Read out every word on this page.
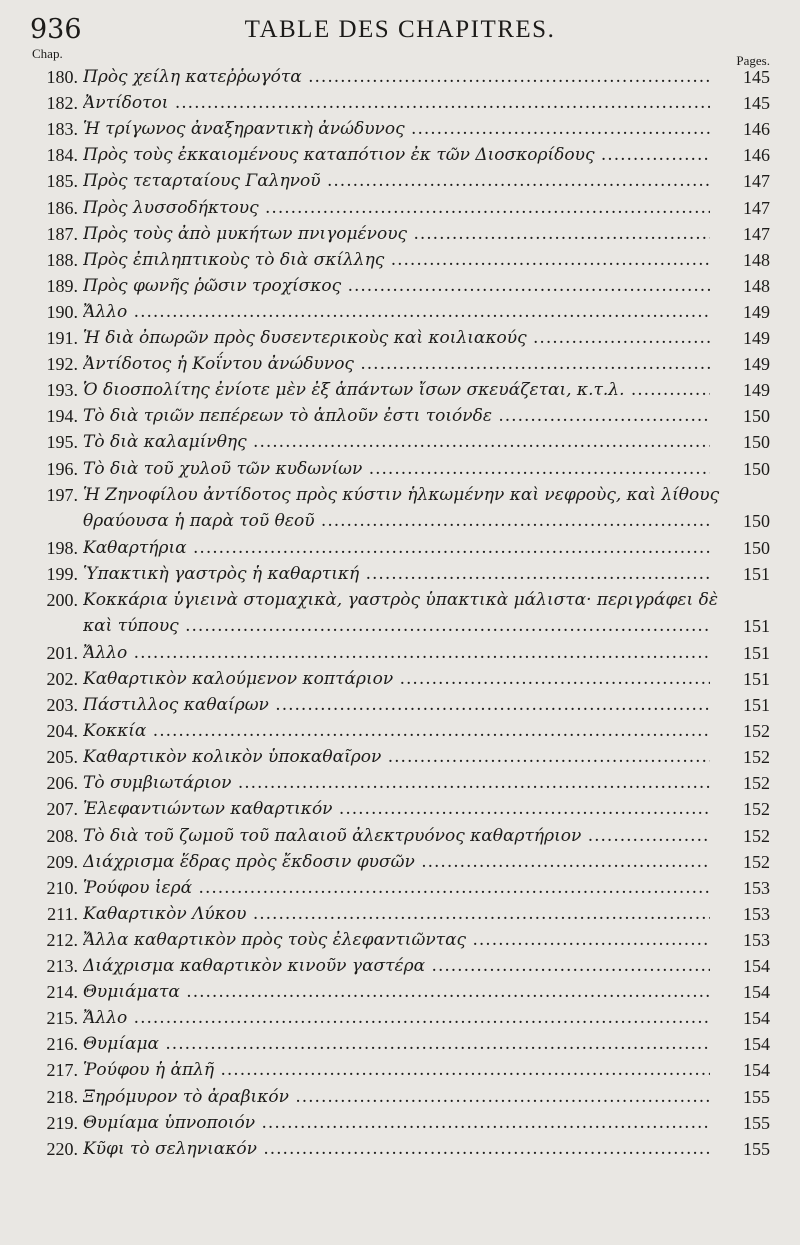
936	TABLE DES CHAPITRES.
Chap.	Pages.
180. Πρὸς χείλη κατεῤῥωγότα .....	145
182. Ἀντίδοτοι .....	145
183. Ἡ τρίγωνος ἀναξηραντικὴ ἀνώδυνος .....	146
184. Πρὸς τοὺς ἐκκαιομένους καταπότιον ἐκ τῶν Διοσκορίδους .....	146
185. Πρὸς τεταρταίους Γαληνοῦ .....	147
186. Πρὸς λυσσοδήκτους .....	147
187. Πρὸς τοὺς ἀπὸ μυκήτων πνιγομένους .....	147
188. Πρὸς ἐπιληπτικοὺς τὸ διὰ σκίλλης .....	148
189. Πρὸς φωνῆς ῥῶσιν τροχίσκος .....	148
190. Ἄλλο .....	149
191. Ἡ διὰ ὀπωρῶν πρὸς δυσεντερικοὺς καὶ κοιλιακούς .....	149
192. Ἀντίδοτος ἡ Κοΐντου ἀνώδυνος .....	149
193. Ὁ διοσπολίτης ἐνίοτε μὲν ἐξ ἁπάντων ἴσων σκευάζεται, κ.τ.λ. .....	149
194. Τὸ διὰ τριῶν πεπέρεων τὸ ἁπλοῦν ἐστι τοιόνδε .....	150
195. Τὸ διὰ καλαμίνθης .....	150
196. Τὸ διὰ τοῦ χυλοῦ τῶν κυδωνίων .....	150
197. Ἡ Ζηνοφίλου ἀντίδοτος πρὸς κύστιν ἡλκωμένην καὶ νεφροὺς, καὶ λίθους
θραύουσα ἡ παρὰ τοῦ θεοῦ .....	150
198. Καθαρτήρια .....	150
199. Ὑπακτικὴ γαστρὸς ἡ καθαρτική .....	151
200. Κοκκάρια ὑγιεινὰ στομαχικὰ, γαστρὸς ὑπακτικὰ μάλιστα· περιγράφει δὲ
καὶ τύπους .....	151
201. Ἄλλο .....	151
202. Καθαρτικὸν καλούμενον κοπτάριον .....	151
203. Πάστιλλος καθαίρων .....	151
204. Κοκκία .....	152
205. Καθαρτικὸν κολικὸν ὑποκαθαῖρον .....	152
206. Τὸ συμβιωτάριον .....	152
207. Ἐλεφαντιώντων καθαρτικόν .....	152
208. Τὸ διὰ τοῦ ζωμοῦ τοῦ παλαιοῦ ἀλεκτρυόνος καθαρτήριον .....	152
209. Διάχρισμα ἕδρας πρὸς ἔκδοσιν φυσῶν .....	152
210. Ῥούφου ἱερά .....	153
211. Καθαρτικὸν Λύκου .....	153
212. Ἄλλα καθαρτικὸν πρὸς τοὺς ἐλεφαντιῶντας .....	153
213. Διάχρισμα καθαρτικὸν κινοῦν γαστέρα .....	154
214. Θυμιάματα .....	154
215. Ἄλλο .....	154
216. Θυμίαμα .....	154
217. Ῥούφου ἡ ἁπλῆ .....	154
218. Ξηρόμυρον τὸ ἀραβικόν .....	155
219. Θυμίαμα ὑπνοποιόν .....	155
220. Κῦφι τὸ σεληνιακόν .....	155
